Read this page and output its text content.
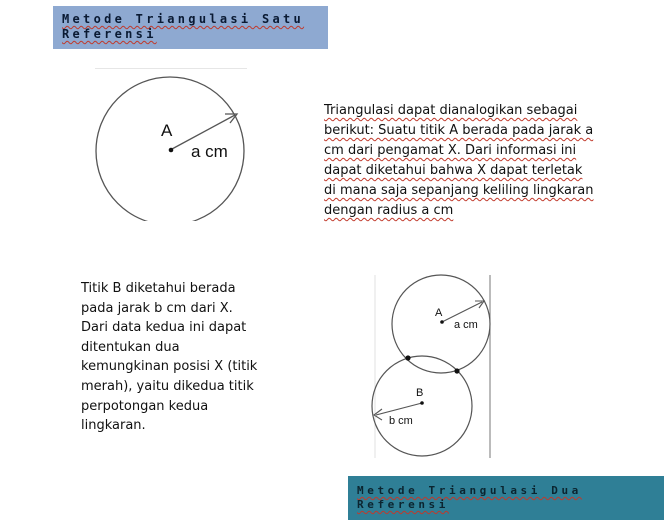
Metode Triangulasi Satu Referensi
A
a cm
Triangulasi dapat dianalogikan sebagai berikut: Suatu titik A berada pada jarak a cm dari pengamat X. Dari informasi ini dapat diketahui bahwa X dapat terletak di mana saja sepanjang keliling lingkaran dengan radius a cm
Titik B diketahui berada pada jarak b cm dari X. Dari data kedua ini dapat ditentukan dua kemungkinan posisi X (titik merah), yaitu dikedua titik perpotongan kedua lingkaran.
A
a cm
B
b cm
Metode Triangulasi Dua Referensi
